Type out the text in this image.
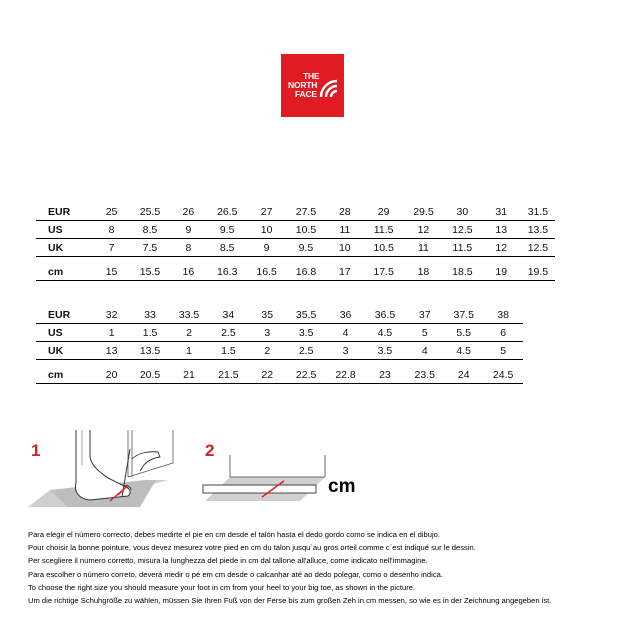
THE
NORTH
FACE
EUR	25	25.5	26	26.5	27	27.5	28	29	29.5	30	31	31.5
US	8	8.5	9	9.5	10	10.5	11	11.5	12	12.5	13	13.5
UK	7	7.5	8	8.5	9	9.5	10	10.5	11	11.5	12	12.5

cm	15	15.5	16	16.3	16.5	16.8	17	17.5	18	18.5	19	19.5
EUR	32	33	33.5	34	35	35.5	36	36.5	37	37.5	38	
US	1	1.5	2	2.5	3	3.5	4	4.5	5	5.5	6	
UK	13	13.5	1	1.5	2	2.5	3	3.5	4	4.5	5	

cm	20	20.5	21	21.5	22	22.5	22.8	23	23.5	24	24.5	
1	2
cm

Para elegir el número correcto, debes medirte el pie en cm desde el talón hasta el dedo gordo como se indica en el dibujo.

Pour choisir la bonne pointure, vous devez mesurez votre pied en cm du talon jusqu`au gros orteil comme c`est indiqué sur le dessin.

Per scegliere il numero corretto, misura la lunghezza del piede in cm dal tallone all'alluce, come indicato nell'immagine.

Para escolher o número correto, deverá medir o pé em cm desde o calcanhar até ao dedo polegar, como o desenho indica.

To choose the right size you should measure your foot in cm from your heel to your big toe, as shown in the picture.

Um die richtige Schuhgröße zu wählen, müssen Sie Ihren Fuß von der Ferse bis zum großen Zeh in cm messen, so wie es in der Zeichnung angegeben ist.
